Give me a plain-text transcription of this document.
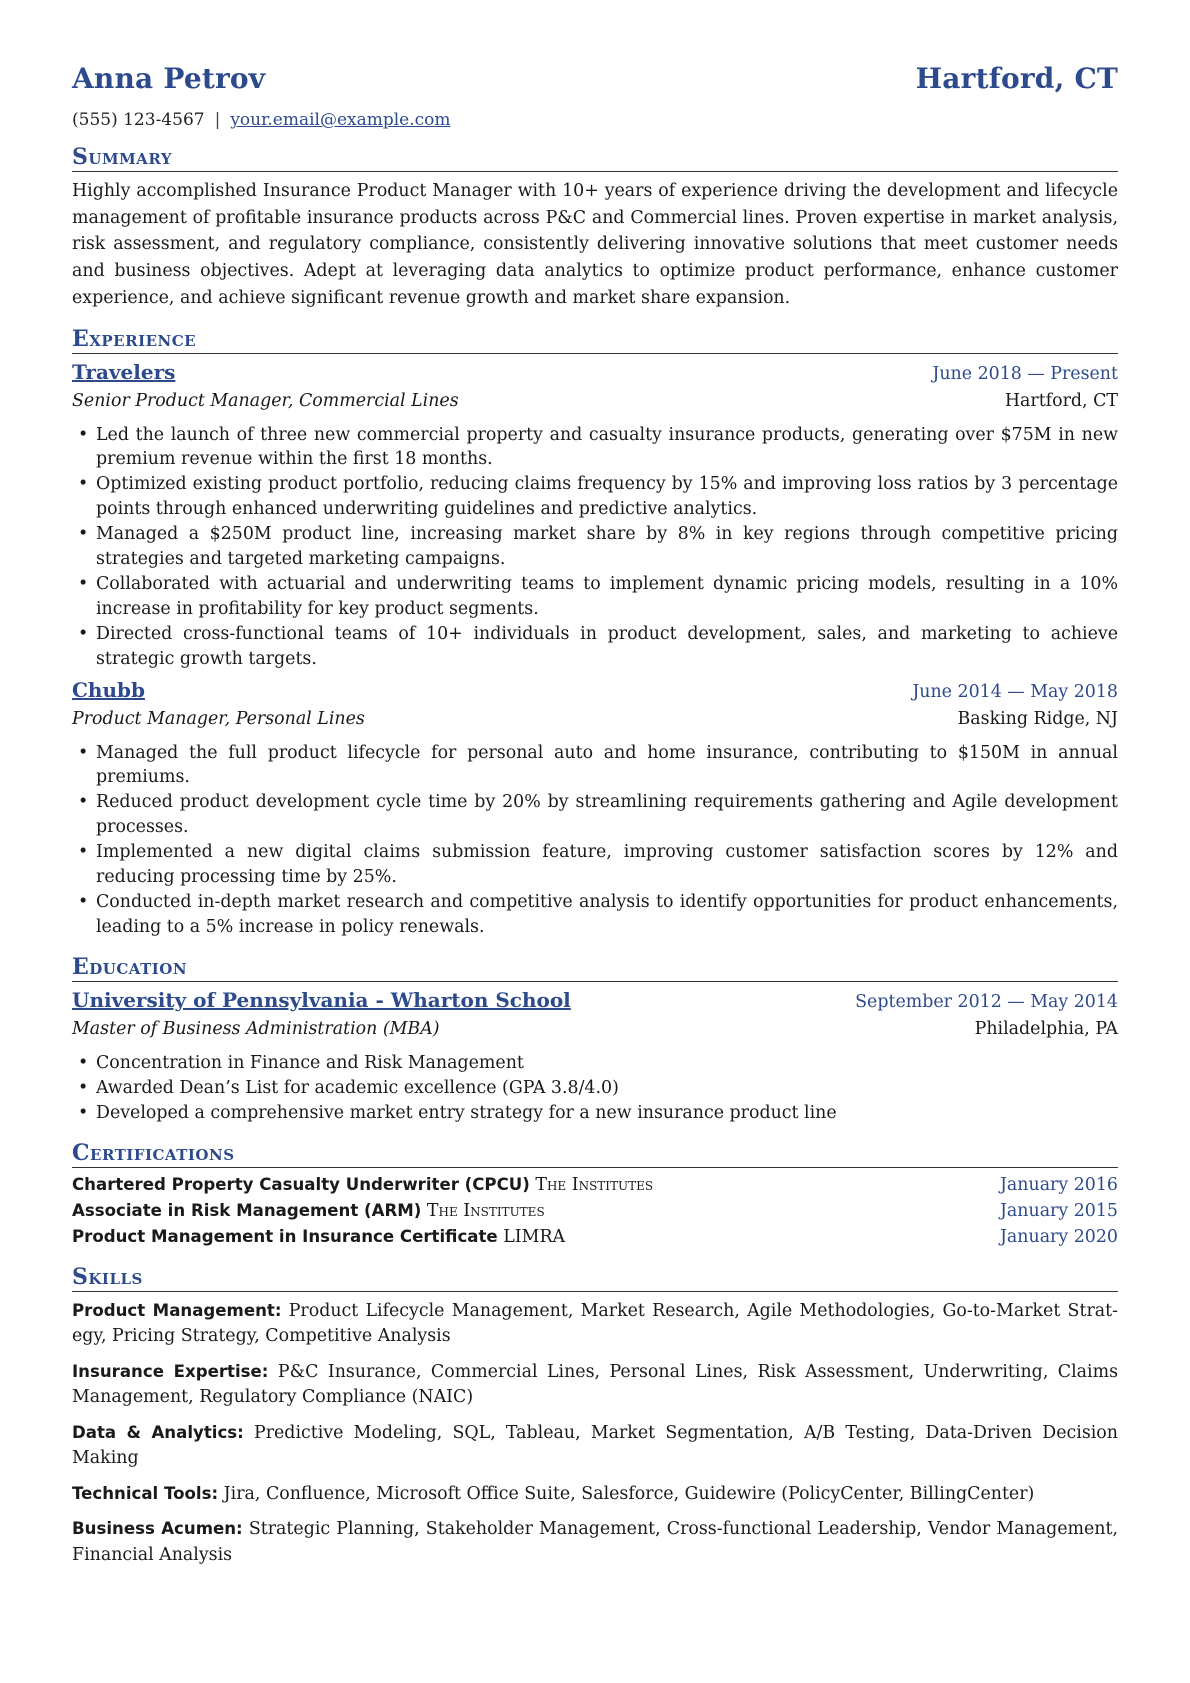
Anna Petrov	Hartford, CT
(555) 123-4567 | your.email@example.com
Summary

Highly accomplished Insurance Product Manager with 10+ years of experience driving the development and lifecycle management of profitable insurance products across P&C and Commercial lines. Proven expertise in market analysis, risk assessment, and regulatory compliance, consistently delivering innovative solutions that meet customer needs and business objectives. Adept at leveraging data analytics to optimize product performance, enhance customer experience, and achieve significant revenue growth and market share expansion.

Experience
Travelers	June 2018 — Present
Senior Product Manager, Commercial Lines	Hartford, CT
• Led the launch of three new commercial property and casualty insurance products, generating over $75M in new premium revenue within the first 18 months.
• Optimized existing product portfolio, reducing claims frequency by 15% and improving loss ratios by 3 percentage points through enhanced underwriting guidelines and predictive analytics.
• Managed a $250M product line, increasing market share by 8% in key regions through competitive pricing strategies and targeted marketing campaigns.
• Collaborated with actuarial and underwriting teams to implement dynamic pricing models, resulting in a 10% increase in profitability for key product segments.
• Directed cross-functional teams of 10+ individuals in product development, sales, and marketing to achieve strategic growth targets.
Chubb	June 2014 — May 2018
Product Manager, Personal Lines	Basking Ridge, NJ
• Managed the full product lifecycle for personal auto and home insurance, contributing to $150M in annual premiums.
• Reduced product development cycle time by 20% by streamlining requirements gathering and Agile development processes.
• Implemented a new digital claims submission feature, improving customer satisfaction scores by 12% and reducing processing time by 25%.
• Conducted in-depth market research and competitive analysis to identify opportunities for product enhancements, leading to a 5% increase in policy renewals.
Education
University of Pennsylvania - Wharton School	September 2012 — May 2014
Master of Business Administration (MBA)	Philadelphia, PA
• Concentration in Finance and Risk Management
• Awarded Dean’s List for academic excellence (GPA 3.8/4.0)
• Developed a comprehensive market entry strategy for a new insurance product line
Certifications
Chartered Property Casualty Underwriter (CPCU) The Institutes	January 2016
Associate in Risk Management (ARM) The Institutes	January 2015
Product Management in Insurance Certificate LIMRA	January 2020
Skills

Product Management: Product Lifecycle Management, Market Research, Agile Methodologies, Go-to-Market Strat-egy, Pricing Strategy, Competitive Analysis

Insurance Expertise: P&C Insurance, Commercial Lines, Personal Lines, Risk Assessment, Underwriting, Claims Management, Regulatory Compliance (NAIC)

Data & Analytics: Predictive Modeling, SQL, Tableau, Market Segmentation, A/B Testing, Data-Driven Decision Making

Technical Tools: Jira, Confluence, Microsoft Office Suite, Salesforce, Guidewire (PolicyCenter, BillingCenter)

Business Acumen: Strategic Planning, Stakeholder Management, Cross-functional Leadership, Vendor Management, Financial Analysis
